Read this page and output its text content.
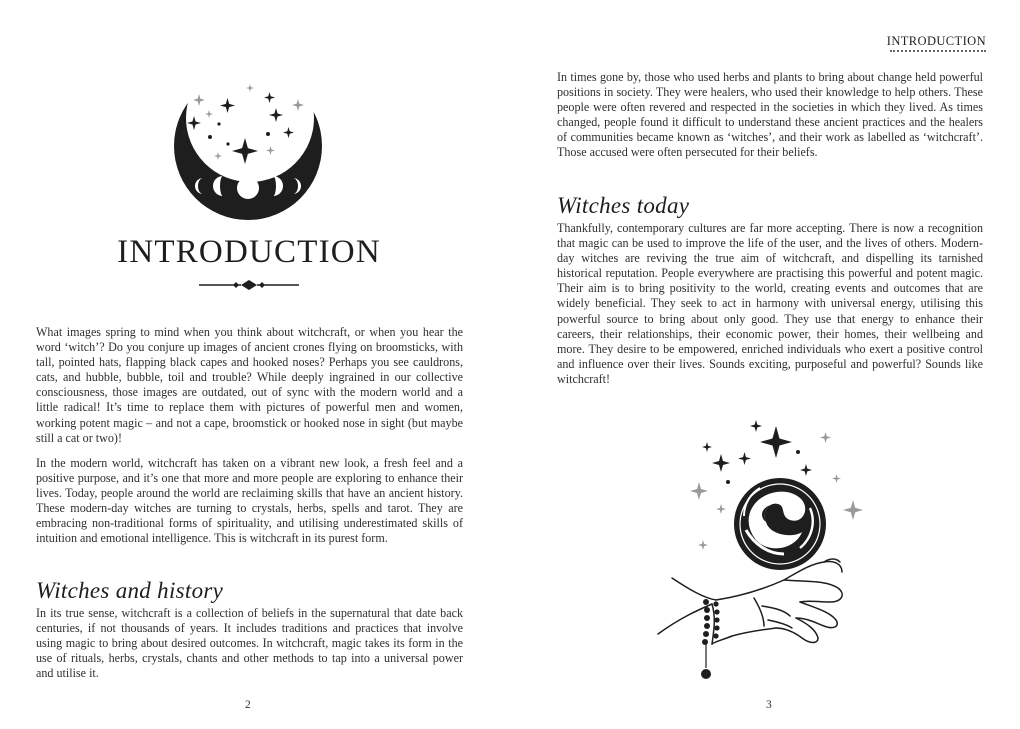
INTRODUCTION

What images spring to mind when you think about witchcraft, or when you hear the word ‘witch’? Do you conjure up images of ancient crones flying on broomsticks, with tall, pointed hats, flapping black capes and hooked noses? Perhaps you see cauldrons, cats, and hubble, bubble, toil and trouble? While deeply ingrained in our collective consciousness, those images are outdated, out of sync with the modern world and a little radical! It’s time to replace them with pictures of powerful men and women, working potent magic – and not a cape, broomstick or hooked nose in sight (but maybe still a cat or two)!

In the modern world, witchcraft has taken on a vibrant new look, a fresh feel and a positive purpose, and it’s one that more and more people are exploring to enhance their lives. Today, people around the world are reclaiming skills that have an ancient history. These modern-day witches are turning to crystals, herbs, spells and tarot. They are embracing non-traditional forms of spirituality, and utilising underestimated skills of intuition and emotional intelligence. This is witchcraft in its purest form.

Witches and history

In its true sense, witchcraft is a collection of beliefs in the supernatural that date back centuries, if not thousands of years. It includes traditions and practices that involve using magic to bring about desired outcomes. In witchcraft, magic takes its form in the use of rituals, herbs, crystals, chants and other methods to tap into a universal power and utilise it.

2
INTRODUCTION

In times gone by, those who used herbs and plants to bring about change held powerful positions in society. They were healers, who used their knowledge to help others. These people were often revered and respected in the societies in which they lived. As times changed, people found it difficult to understand these ancient practices and the healers of communities became known as ‘witches’, and their work as labelled as ‘witchcraft’. Those accused were often persecuted for their beliefs.

Witches today

Thankfully, contemporary cultures are far more accepting. There is now a recognition that magic can be used to improve the life of the user, and the lives of others. Modern-day witches are reviving the true aim of witchcraft, and dispelling its tarnished historical reputation. People everywhere are practising this powerful and potent magic. Their aim is to bring positivity to the world, creating events and outcomes that are widely beneficial. They seek to act in harmony with universal energy, utilising this powerful source to bring about only good. They use that energy to enhance their careers, their relationships, their economic power, their homes, their wellbeing and more. They desire to be empowered, enriched individuals who exert a positive control and influence over their lives. Sounds exciting, purposeful and powerful? Sounds like witchcraft!

3
